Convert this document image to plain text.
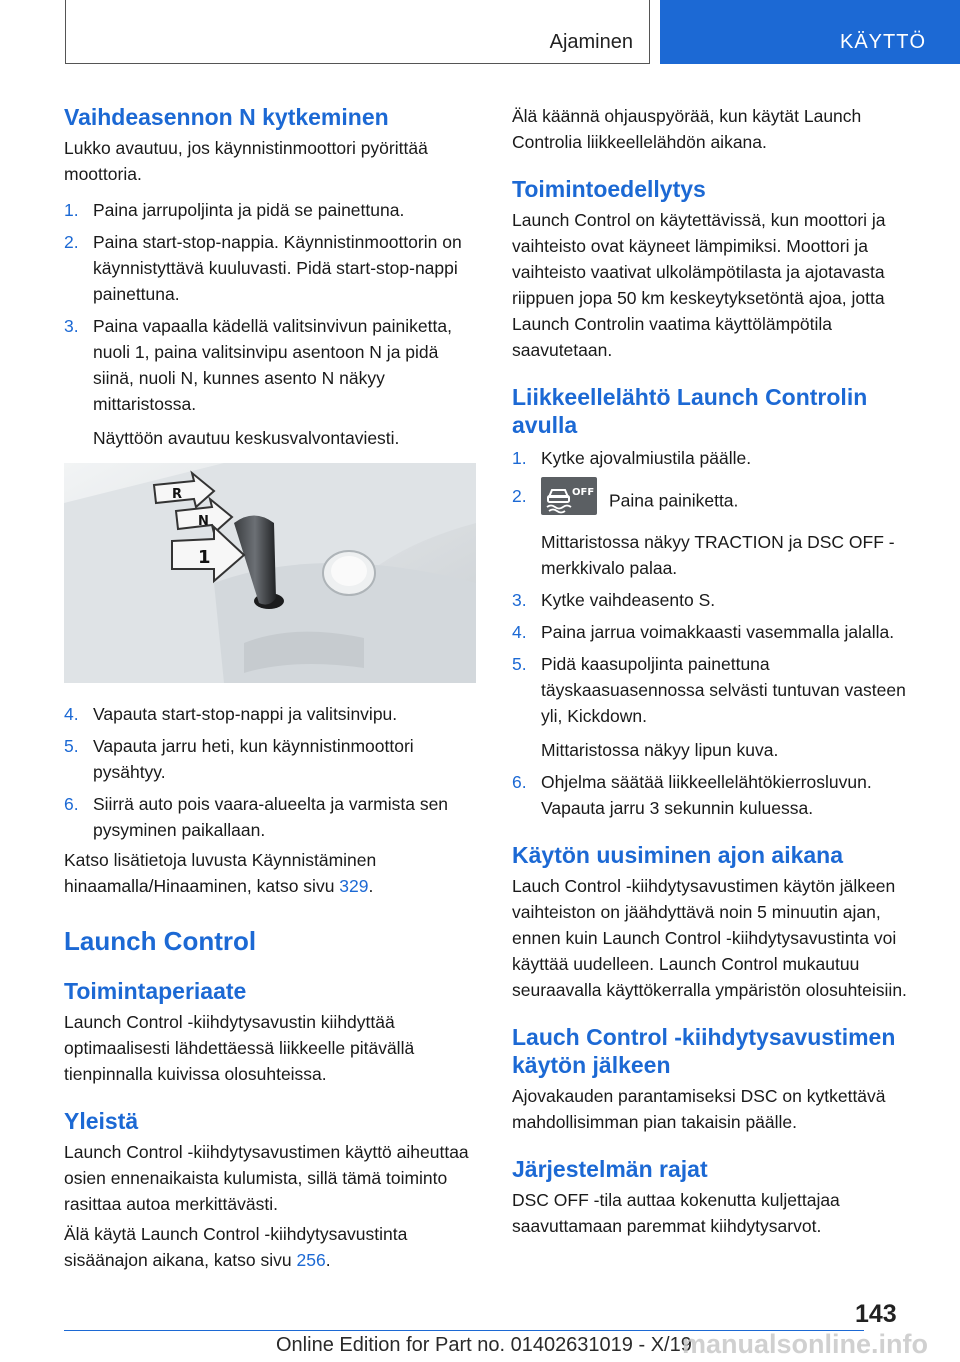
Ajaminen	KÄYTTÖ
Vaihdeasennon N kytkeminen

Lukko avautuu, jos käynnistinmoottori pyörittää moottoria.

1. Paina jarrupoljinta ja pidä se painettuna.
2. Paina start-stop-nappia. Käynnistinmoottorin on käynnistyttävä kuuluvasti. Pidä start-stop-nappi painettuna.
3. Paina vapaalla kädellä valitsinvivun painiketta, nuoli 1, paina valitsinvipu asentoon N ja pidä siinä, nuoli N, kunnes asento N näkyy mittaristossa.
Näyttöön avautuu keskusvalvontaviesti.
R
N
1
4. Vapauta start-stop-nappi ja valitsinvipu.
5. Vapauta jarru heti, kun käynnistinmoottori pysähtyy.
6. Siirrä auto pois vaara-alueelta ja varmista sen pysyminen paikallaan.

Katso lisätietoja luvusta Käynnistäminen hinaamalla/Hinaaminen, katso sivu 329.

Launch Control
Toimintaperiaate

Launch Control -kiihdytysavustin kiihdyttää optimaalisesti lähdettäessä liikkeelle pitävällä tienpinnalla kuivissa olosuhteissa.

Yleistä

Launch Control -kiihdytysavustimen käyttö aiheuttaa osien ennenaikaista kulumista, sillä tämä toiminto rasittaa autoa merkittävästi.

Älä käytä Launch Control -kiihdytysavustinta sisäänajon aikana, katso sivu 256.

Älä käännä ohjauspyörää, kun käytät Launch Controlia liikkeellelähdön aikana.

Toimintoedellytys

Launch Control on käytettävissä, kun moottori ja vaihteisto ovat käyneet lämpimiksi. Moottori ja vaihteisto vaativat ulkolämpötilasta ja ajotavasta riippuen jopa 50 km keskeytyksetöntä ajoa, jotta Launch Controlin vaatima käyttölämpötila saavutetaan.

Liikkeellelähtö Launch Controlin avulla
1. Kytke ajovalmiustila päälle.
2.	OFF Paina painiketta.
Mittaristossa näkyy TRACTION ja DSC OFF -merkkivalo palaa.
3. Kytke vaihdeasento S.
4. Paina jarrua voimakkaasti vasemmalla jalalla.
5. Pidä kaasupoljinta painettuna täyskaasuasennossa selvästi tuntuvan vasteen yli, Kickdown.
Mittaristossa näkyy lipun kuva.
6. Ohjelma säätää liikkeellelähtökierrosluvun. Vapauta jarru 3 sekunnin kuluessa.
Käytön uusiminen ajon aikana

Lauch Control -kiihdytysavustimen käytön jälkeen vaihteiston on jäähdyttävä noin 5 minuutin ajan, ennen kuin Launch Control -kiihdytysavustinta voi käyttää uudelleen. Launch Control mukautuu seuraavalla käyttökerralla ympäristön olosuhteisiin.

Lauch Control -kiihdytysavustimen käytön jälkeen

Ajovakauden parantamiseksi DSC on kytkettävä mahdollisimman pian takaisin päälle.

Järjestelmän rajat

DSC OFF -tila auttaa kokenutta kuljettajaa saavuttamaan paremmat kiihdytysarvot.

143
Online Edition for Part no. 01402631019 - X/19
manualsonline.info
